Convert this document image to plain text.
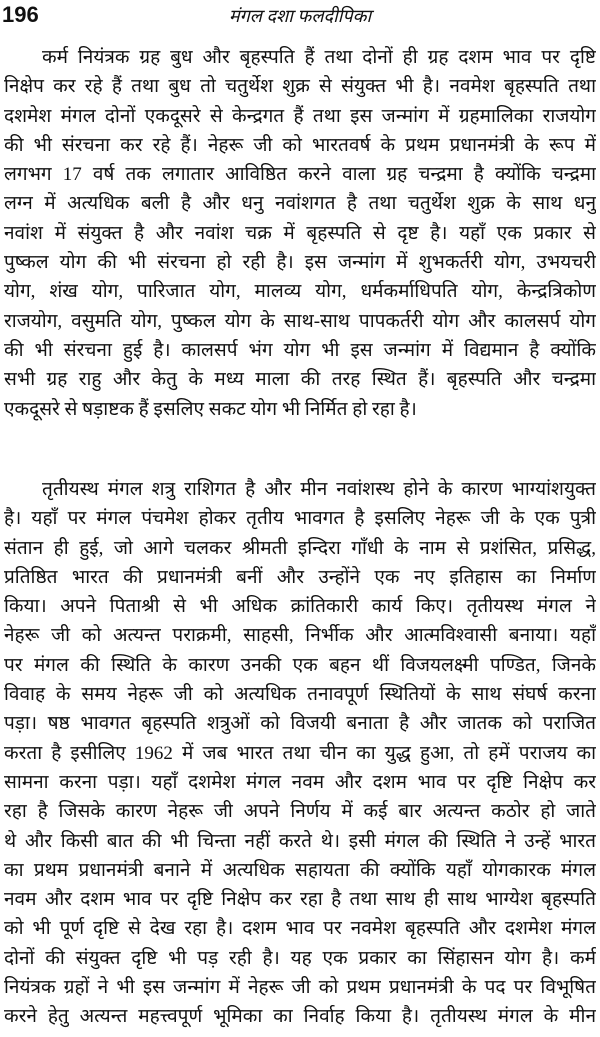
196	मंगल दशा फलदीपिका
कर्म नियंत्रक ग्रह बुध और बृहस्पति हैं तथा दोनों ही ग्रह दशम भाव पर दृष्टि
निक्षेप कर रहे हैं तथा बुध तो चतुर्थेश शुक्र से संयुक्त भी है। नवमेश बृहस्पति तथा
दशमेश मंगल दोनों एकदूसरे से केन्द्रगत हैं तथा इस जन्मांग में ग्रहमालिका राजयोग
की भी संरचना कर रहे हैं। नेहरू जी को भारतवर्ष के प्रथम प्रधानमंत्री के रूप में
लगभग 17 वर्ष तक लगातार आविष्ठित करने वाला ग्रह चन्द्रमा है क्योंकि चन्द्रमा
लग्न में अत्यधिक बली है और धनु नवांशगत है तथा चतुर्थेश शुक्र के साथ धनु
नवांश में संयुक्त है और नवांश चक्र में बृहस्पति से दृष्ट है। यहाँ एक प्रकार से
पुष्कल योग की भी संरचना हो रही है। इस जन्मांग में शुभकर्तरी योग, उभयचरी
योग, शंख योग, पारिजात योग, मालव्य योग, धर्मकर्माधिपति योग, केन्द्रत्रिकोण
राजयोग, वसुमति योग, पुष्कल योग के साथ-साथ पापकर्तरी योग और कालसर्प योग
की भी संरचना हुई है। कालसर्प भंग योग भी इस जन्मांग में विद्यमान है क्योंकि
सभी ग्रह राहु और केतु के मध्य माला की तरह स्थित हैं। बृहस्पति और चन्द्रमा
एकदूसरे से षड़ाष्टक हैं इसलिए सकट योग भी निर्मित हो रहा है।
तृतीयस्थ मंगल शत्रु राशिगत है और मीन नवांशस्थ होने के कारण भाग्यांशयुक्त
है। यहाँ पर मंगल पंचमेश होकर तृतीय भावगत है इसलिए नेहरू जी के एक पुत्री
संतान ही हुई, जो आगे चलकर श्रीमती इन्दिरा गाँधी के नाम से प्रशंसित, प्रसिद्ध,
प्रतिष्ठित भारत की प्रधानमंत्री बनीं और उन्होंने एक नए इतिहास का निर्माण
किया। अपने पिताश्री से भी अधिक क्रांतिकारी कार्य किए। तृतीयस्थ मंगल ने
नेहरू जी को अत्यन्त पराक्रमी, साहसी, निर्भीक और आत्मविश्वासी बनाया। यहाँ
पर मंगल की स्थिति के कारण उनकी एक बहन थीं विजयलक्ष्मी पण्डित, जिनके
विवाह के समय नेहरू जी को अत्यधिक तनावपूर्ण स्थितियों के साथ संघर्ष करना
पड़ा। षष्ठ भावगत बृहस्पति शत्रुओं को विजयी बनाता है और जातक को पराजित
करता है इसीलिए 1962 में जब भारत तथा चीन का युद्ध हुआ, तो हमें पराजय का
सामना करना पड़ा। यहाँ दशमेश मंगल नवम और दशम भाव पर दृष्टि निक्षेप कर
रहा है जिसके कारण नेहरू जी अपने निर्णय में कई बार अत्यन्त कठोर हो जाते
थे और किसी बात की भी चिन्ता नहीं करते थे। इसी मंगल की स्थिति ने उन्हें भारत
का प्रथम प्रधानमंत्री बनाने में अत्यधिक सहायता की क्योंकि यहाँ योगकारक मंगल
नवम और दशम भाव पर दृष्टि निक्षेप कर रहा है तथा साथ ही साथ भाग्येश बृहस्पति
को भी पूर्ण दृष्टि से देख रहा है। दशम भाव पर नवमेश बृहस्पति और दशमेश मंगल
दोनों की संयुक्त दृष्टि भी पड़ रही है। यह एक प्रकार का सिंहासन योग है। कर्म
नियंत्रक ग्रहों ने भी इस जन्मांग में नेहरू जी को प्रथम प्रधानमंत्री के पद पर विभूषित
करने हेतु अत्यन्त महत्त्वपूर्ण भूमिका का निर्वाह किया है। तृतीयस्थ मंगल के मीन
